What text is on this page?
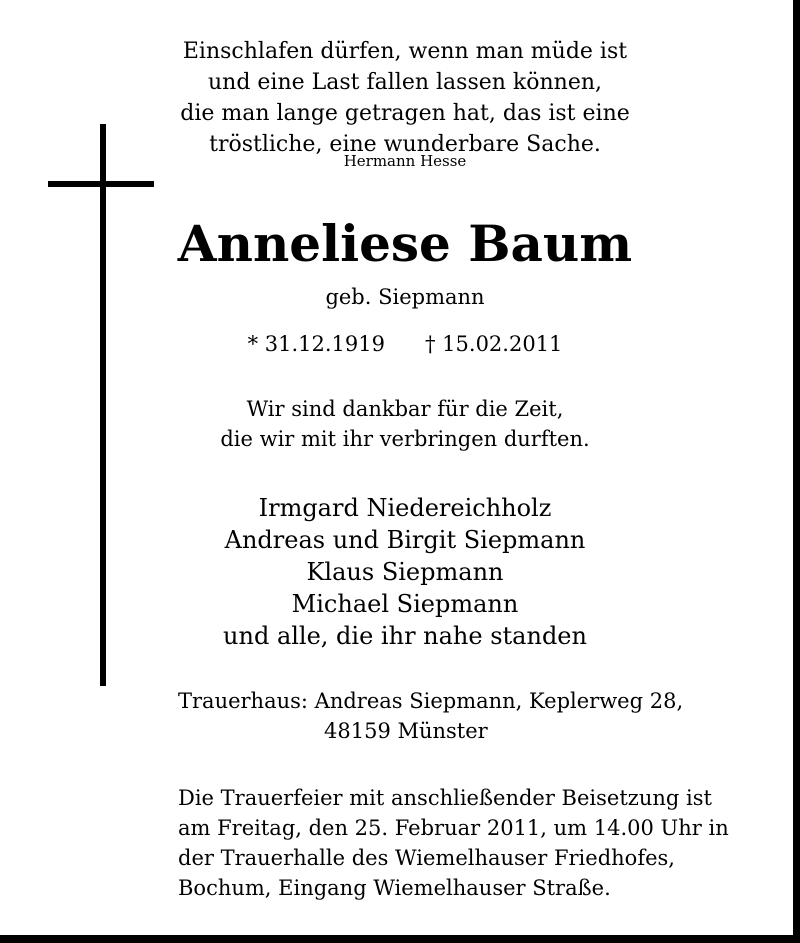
Einschlafen dürfen, wenn man müde ist
und eine Last fallen lassen können,
die man lange getragen hat, das ist eine
tröstliche, eine wunderbare Sache.
Hermann Hesse
Anneliese Baum
geb. Siepmann
* 31.12.1919 † 15.02.2011
Wir sind dankbar für die Zeit,
die wir mit ihr verbringen durften.
Irmgard Niedereichholz
Andreas und Birgit Siepmann
Klaus Siepmann
Michael Siepmann
und alle, die ihr nahe standen
Trauerhaus: Andreas Siepmann, Keplerweg 28,
48159 Münster
Die Trauerfeier mit anschließender Beisetzung ist
am Freitag, den 25. Februar 2011, um 14.00 Uhr in
der Trauerhalle des Wiemelhauser Friedhofes,
Bochum, Eingang Wiemelhauser Straße.
